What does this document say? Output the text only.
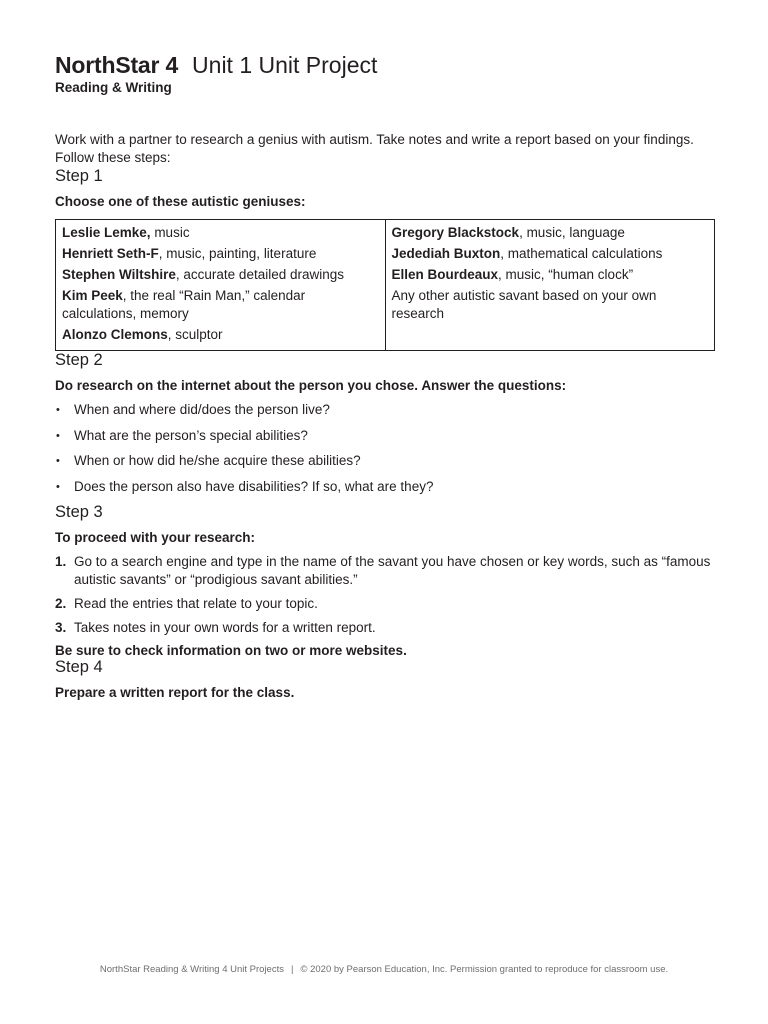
NorthStar 4 Unit 1 Unit Project
Reading & Writing

Work with a partner to research a genius with autism. Take notes and write a report based on your findings. Follow these steps:

Step 1
Choose one of these autistic geniuses:
Leslie Lemke, music
Henriett Seth-F, music, painting, literature
Stephen Wiltshire, accurate detailed drawings
Kim Peek, the real “Rain Man,” calendar calculations, memory
Alonzo Clemons, sculptor

Gregory Blackstock, music, language
Jedediah Buxton, mathematical calculations
Ellen Bourdeaux, music, “human clock”
Any other autistic savant based on your own research
Step 2
Do research on the internet about the person you chose. Answer the questions:
• When and where did/does the person live?
• What are the person’s special abilities?
• When or how did he/she acquire these abilities?
• Does the person also have disabilities? If so, what are they?
Step 3
To proceed with your research:
1. Go to a search engine and type in the name of the savant you have chosen or key words, such as “famous autistic savants” or “prodigious savant abilities.”
2. Read the entries that relate to your topic.
3. Takes notes in your own words for a written report.
Be sure to check information on two or more websites.
Step 4
Prepare a written report for the class.
NorthStar Reading & Writing 4 Unit Projects | © 2020 by Pearson Education, Inc. Permission granted to reproduce for classroom use.
